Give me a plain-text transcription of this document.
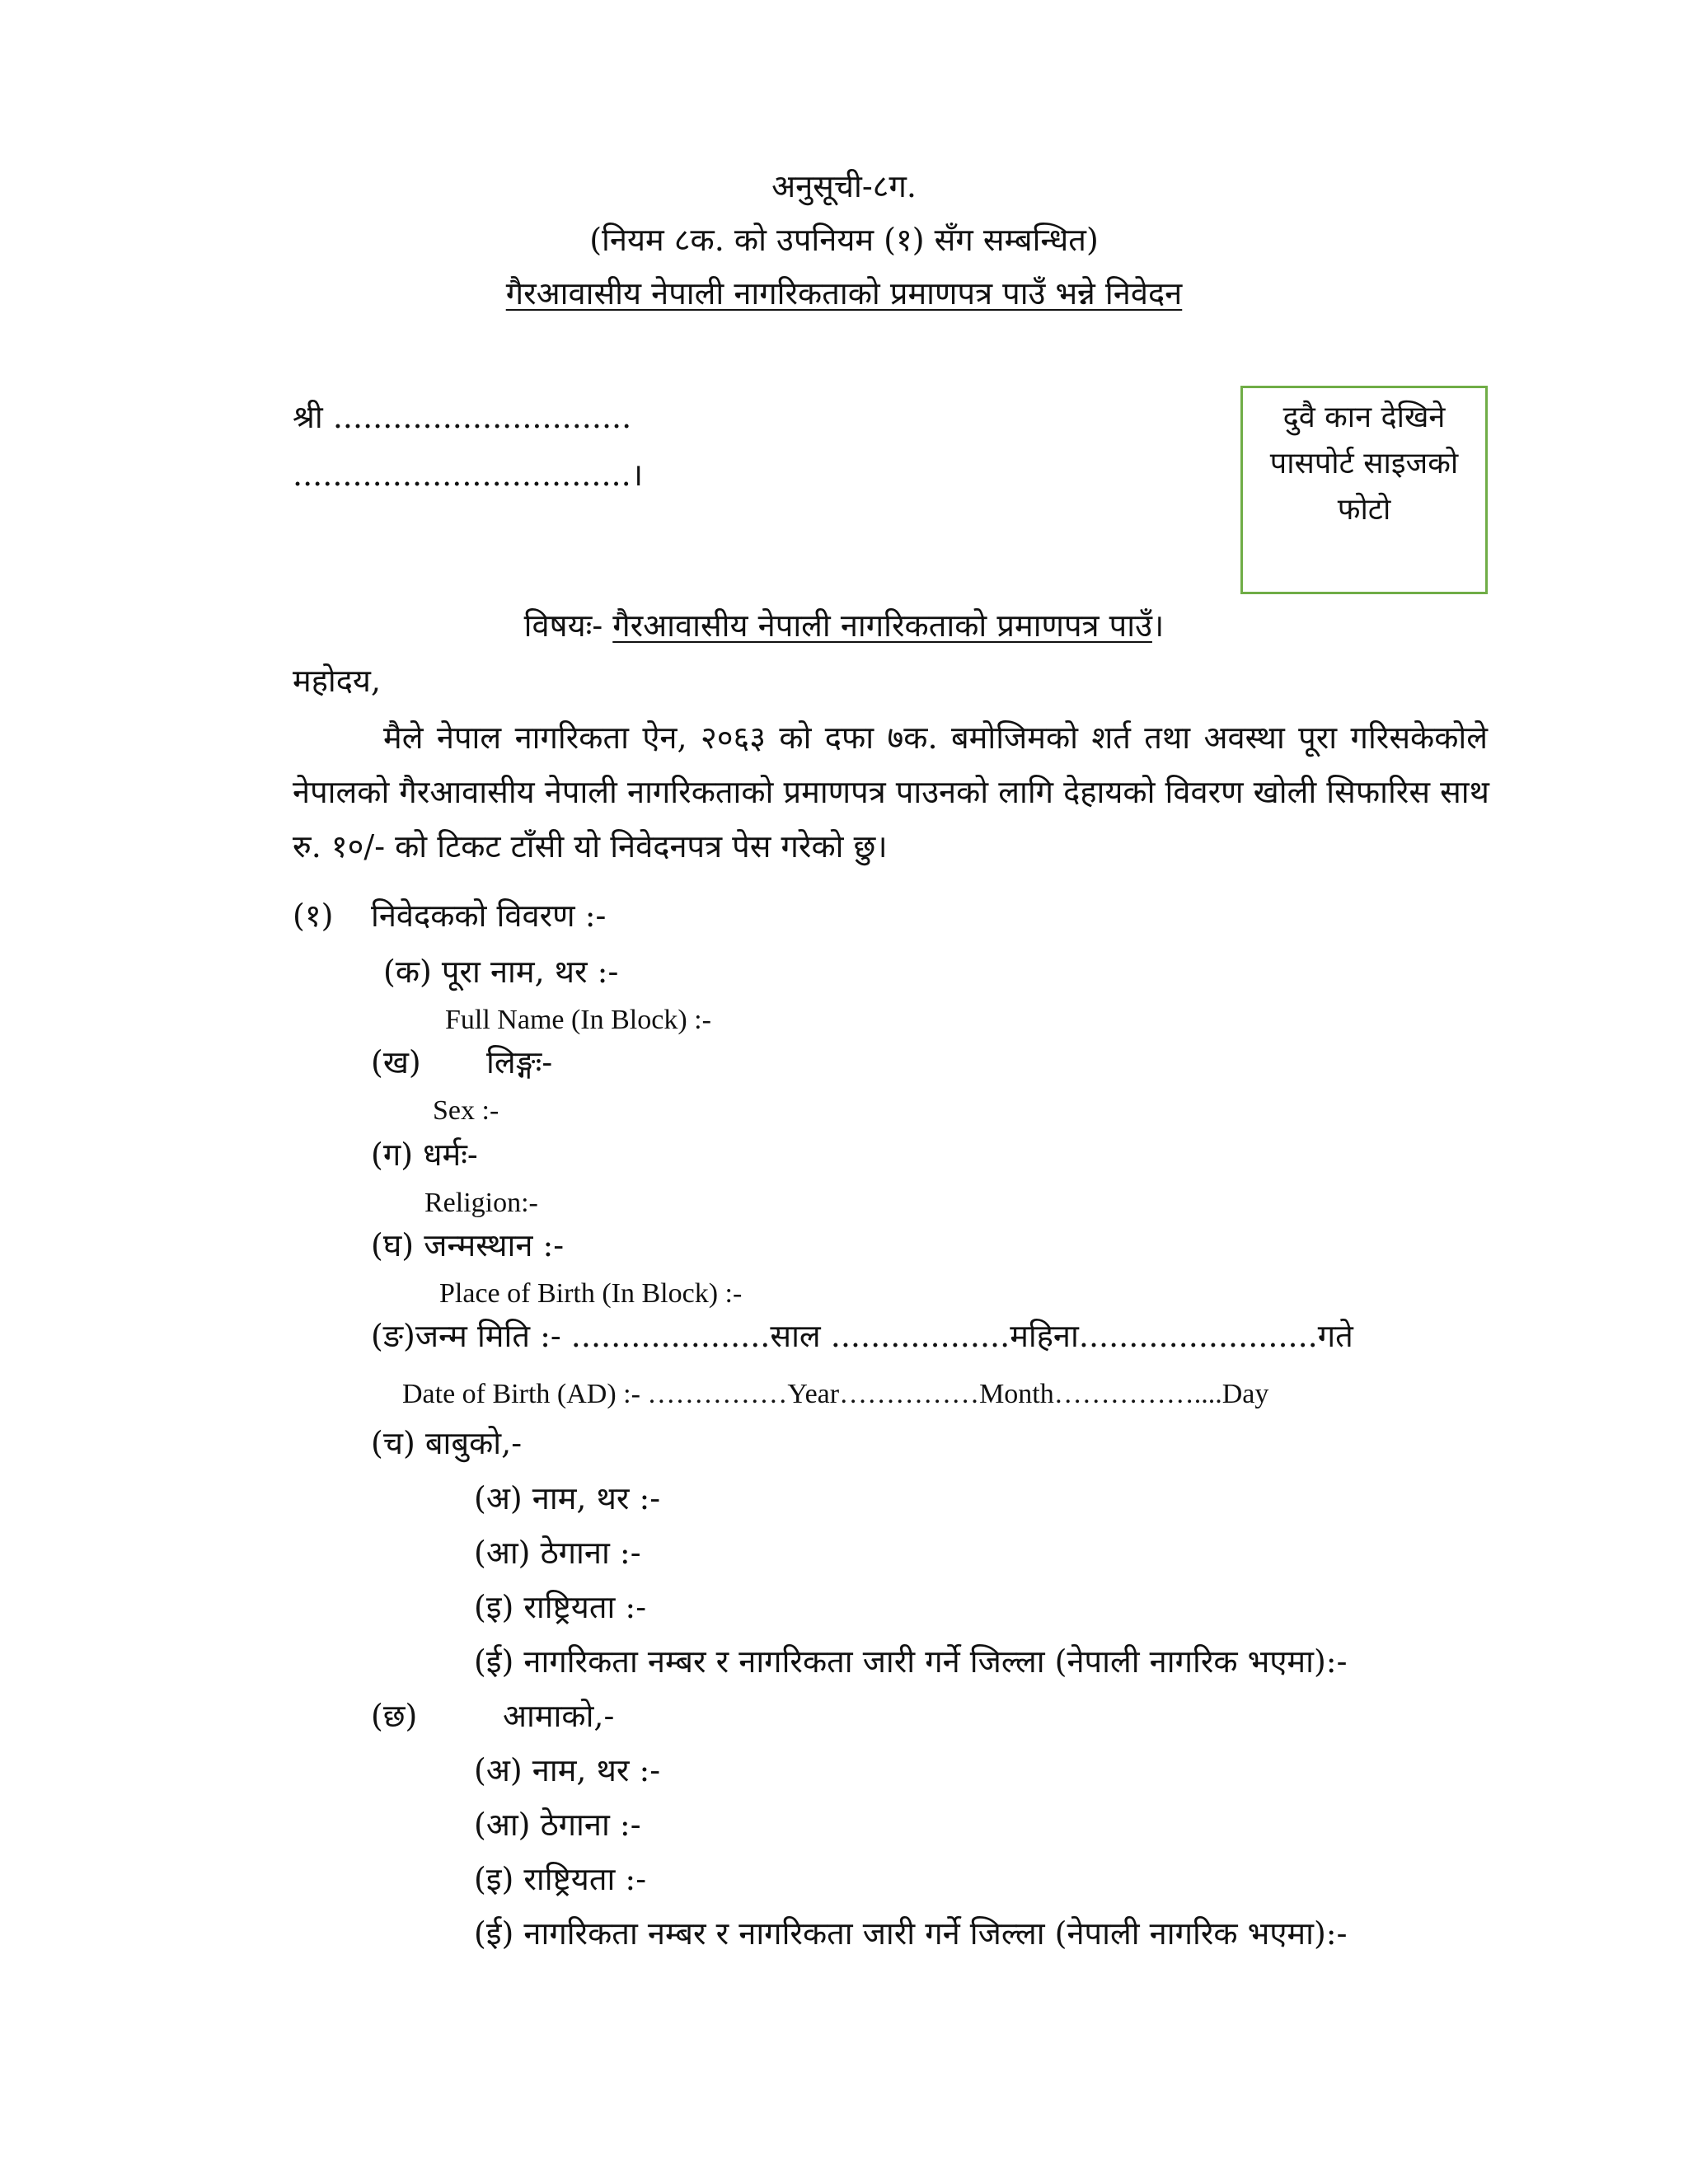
अनुसूची-८ग.
(नियम ८क. को उपनियम (१) सँग सम्बन्धित)
गैरआवासीय नेपाली नागरिकताको प्रमाणपत्र पाउँ भन्ने निवेदन
श्री ..............................
..................................।
दुवै कान देखिने
पासपोर्ट साइजको
फोटो
विषयः- गैरआवासीय नेपाली नागरिकताको प्रमाणपत्र पाउँ।
महोदय,
मैले नेपाल नागरिकता ऐन, २०६३ को दफा ७क. बमोजिमको शर्त तथा अवस्था पूरा गरिसकेकोले
नेपालको गैरआवासीय नेपाली नागरिकताको प्रमाणपत्र पाउनको लागि देहायको विवरण खोली सिफारिस साथ
रु. १०/- को टिकट टाँसी यो निवेदनपत्र पेस गरेको छु।
(१) निवेदकको विवरण :-
(क) पूरा नाम, थर :-
Full Name (In Block) :-
(ख) लिङ्गः-
Sex :-
(ग) धर्मः-
Religion:-
(घ) जन्मस्थान :-
Place of Birth (In Block) :-
(ङ)जन्म मिति :- ....................साल ..................महिना........................गते
Date of Birth (AD) :- ……………Year……………Month……………....Day
(च) बाबुको,-
(अ) नाम, थर :-
(आ) ठेगाना :-
(इ) राष्ट्रियता :-
(ई) नागरिकता नम्बर र नागरिकता जारी गर्ने जिल्ला (नेपाली नागरिक भएमा):-
(छ)	आमाको,-
(अ) नाम, थर :-
(आ) ठेगाना :-
(इ) राष्ट्रियता :-
(ई) नागरिकता नम्बर र नागरिकता जारी गर्ने जिल्ला (नेपाली नागरिक भएमा):-
